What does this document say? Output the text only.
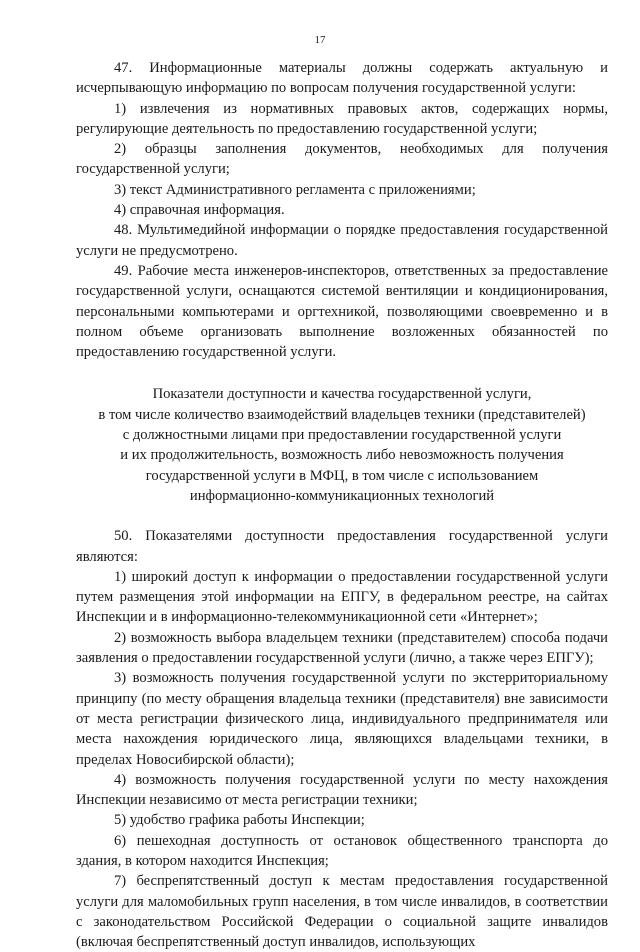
17

47. Информационные материалы должны содержать актуальную и исчерпывающую информацию по вопросам получения государственной услуги:

1) извлечения из нормативных правовых актов, содержащих нормы, регулирующие деятельность по предоставлению государственной услуги;

2) образцы заполнения документов, необходимых для получения государственной услуги;

3) текст Административного регламента с приложениями;

4) справочная информация.

48. Мультимедийной информации о порядке предоставления государственной услуги не предусмотрено.

49. Рабочие места инженеров-инспекторов, ответственных за предоставление государственной услуги, оснащаются системой вентиляции и кондиционирования, персональными компьютерами и оргтехникой, позволяющими своевременно и в полном объеме организовать выполнение возложенных обязанностей по предоставлению государственной услуги.

Показатели доступности и качества государственной услуги,
в том числе количество взаимодействий владельцев техники (представителей)
с должностными лицами при предоставлении государственной услуги
и их продолжительность, возможность либо невозможность получения
государственной услуги в МФЦ, в том числе с использованием
информационно-коммуникационных технологий

50. Показателями доступности предоставления государственной услуги являются:

1) широкий доступ к информации о предоставлении государственной услуги путем размещения этой информации на ЕПГУ, в федеральном реестре, на сайтах Инспекции и в информационно-телекоммуникационной сети «Интернет»;

2) возможность выбора владельцем техники (представителем) способа подачи заявления о предоставлении государственной услуги (лично, а также через ЕПГУ);

3) возможность получения государственной услуги по экстерриториальному принципу (по месту обращения владельца техники (представителя) вне зависимости от места регистрации физического лица, индивидуального предпринимателя или места нахождения юридического лица, являющихся владельцами техники, в пределах Новосибирской области);

4) возможность получения государственной услуги по месту нахождения Инспекции независимо от места регистрации техники;

5) удобство графика работы Инспекции;

6) пешеходная доступность от остановок общественного транспорта до здания, в котором находится Инспекция;

7) беспрепятственный доступ к местам предоставления государственной услуги для маломобильных групп населения, в том числе инвалидов, в соответствии с законодательством Российской Федерации о социальной защите инвалидов (включая беспрепятственный доступ инвалидов, использующих
